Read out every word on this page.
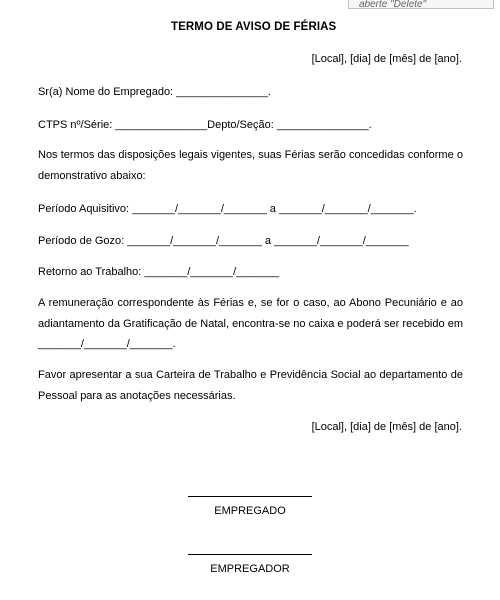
aberte "Delete"
TERMO DE AVISO DE FÉRIAS
[Local], [dia] de [mês] de [ano].
Sr(a) Nome do Empregado: _______________.
CTPS nº/Série: _______________Depto/Seção: _______________.
Nos termos das disposições legais vigentes, suas Férias serão concedidas conforme o demonstrativo abaixo:
Período Aquisitivo: _______/_______/_______ a _______/_______/_______.
Período de Gozo: _______/_______/_______ a _______/_______/_______
Retorno ao Trabalho: _______/_______/_______
A remuneração correspondente às Férias e, se for o caso, ao Abono Pecuniário e ao adiantamento da Gratificação de Natal, encontra-se no caixa e poderá ser recebido em _______/_______/_______.
Favor apresentar a sua Carteira de Trabalho e Previdência Social ao departamento de Pessoal para as anotações necessárias.
[Local], [dia] de [mês] de [ano].
EMPREGADO
EMPREGADOR
